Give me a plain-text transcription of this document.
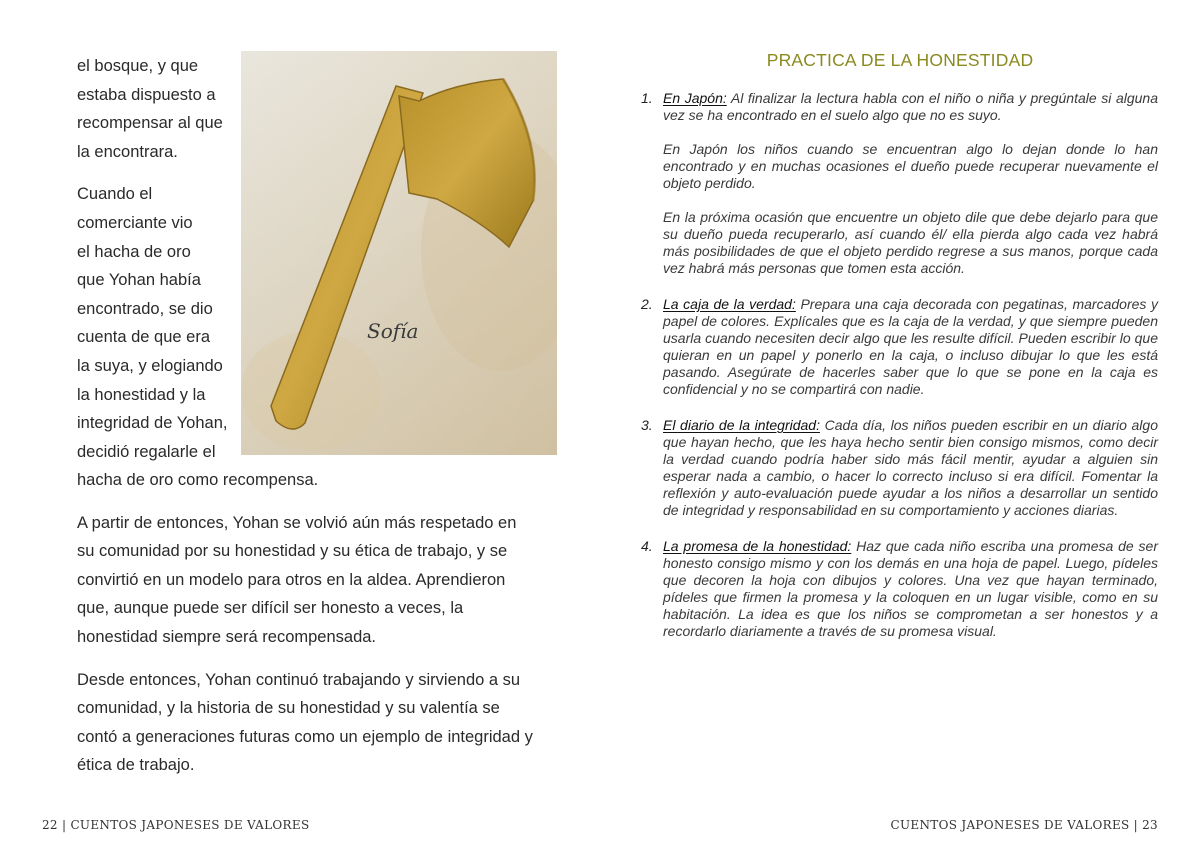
el bosque, y que

estaba dispuesto a

recompensar al que

la encontrara.

Cuando el

comerciante vio

el hacha de oro

que Yohan había

encontrado, se dio

cuenta de que era

la suya, y elogiando

la honestidad y la

integridad de Yohan,

decidió regalarle el

Sofía

hacha de oro como recompensa.

A partir de entonces, Yohan se volvió aún más respetado en su comunidad por su honestidad y su ética de trabajo, y se convirtió en un modelo para otros en la aldea. Aprendieron que, aunque puede ser difícil ser honesto a veces, la honestidad siempre será recompensada.

Desde entonces, Yohan continuó trabajando y sirviendo a su comunidad, y la historia de su honestidad y su valentía se contó a generaciones futuras como un ejemplo de integridad y ética de trabajo.

22 | CUENTOS JAPONESES DE VALORES
PRACTICA DE LA HONESTIDAD
1. En Japón: Al finalizar la lectura habla con el niño o niña y pregúntale si alguna vez se ha encontrado en el suelo algo que no es suyo.

En Japón los niños cuando se encuentran algo lo dejan donde lo han encontrado y en muchas ocasiones el dueño puede recuperar nuevamente el objeto perdido.

En la próxima ocasión que encuentre un objeto dile que debe dejarlo para que su dueño pueda recuperarlo, así cuando él/ ella pierda algo cada vez habrá más posibilidades de que el objeto perdido regrese a sus manos, porque cada vez habrá más personas que tomen esta acción.

2. La caja de la verdad: Prepara una caja decorada con pegatinas, marcadores y papel de colores. Explícales que es la caja de la verdad, y que siempre pueden usarla cuando necesiten decir algo que les resulte difícil. Pueden escribir lo que quieran en un papel y ponerlo en la caja, o incluso dibujar lo que les está pasando. Asegúrate de hacerles saber que lo que se pone en la caja es confidencial y no se compartirá con nadie.

3. El diario de la integridad: Cada día, los niños pueden escribir en un diario algo que hayan hecho, que les haya hecho sentir bien consigo mismos, como decir la verdad cuando podría haber sido más fácil mentir, ayudar a alguien sin esperar nada a cambio, o hacer lo correcto incluso si era difícil. Fomentar la reflexión y auto-evaluación puede ayudar a los niños a desarrollar un sentido de integridad y responsabilidad en su comportamiento y acciones diarias.

4. La promesa de la honestidad: Haz que cada niño escriba una promesa de ser honesto consigo mismo y con los demás en una hoja de papel. Luego, pídeles que decoren la hoja con dibujos y colores. Una vez que hayan terminado, pídeles que firmen la promesa y la coloquen en un lugar visible, como en su habitación. La idea es que los niños se comprometan a ser honestos y a recordarlo diariamente a través de su promesa visual.

CUENTOS JAPONESES DE VALORES | 23
